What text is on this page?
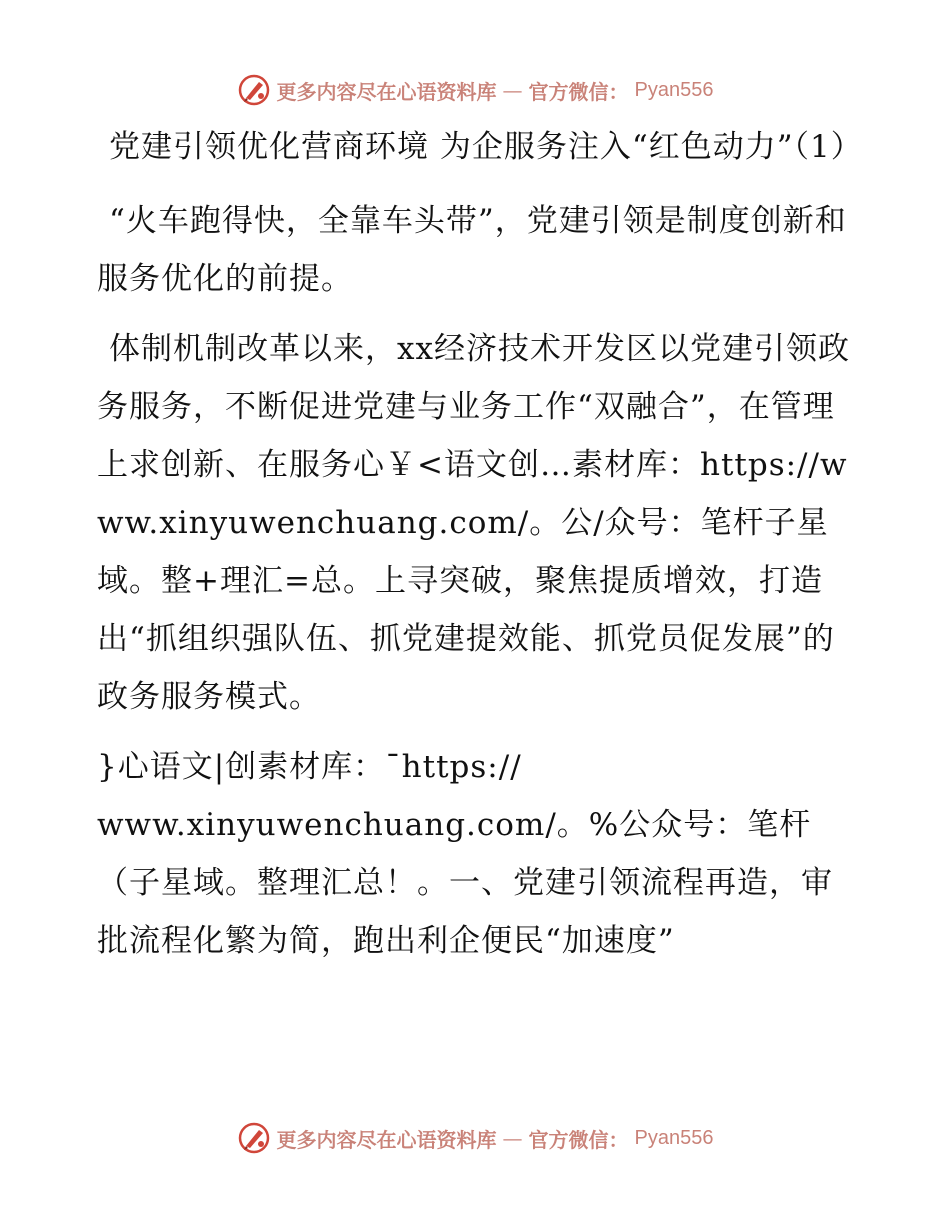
更多内容尽在心语资料库 — 官方微信： Pyan556

党建引领优化营商环境 为企服务注入“红色动力”（1）

“火车跑得快，全靠车头带”，党建引领是制度创新和服务优化的前提。

体制机制改革以来，xx经济技术开发区以党建引领政务服务，不断促进党建与业务工作“双融合”，在管理上求创新、在服务心￥<语文创…素材库：https://www.xinyuwenchuang.com/。公/众号：笔杆子星域。整+理汇=总。上寻突破，聚焦提质增效，打造出“抓组织强队伍、抓党建提效能、抓党员促发展”的政务服务模式。

}心语文|创素材库：¯https://

www.xinyuwenchuang.com/。%公众号：笔杆（子星域。整理汇总！。一、党建引领流程再造，审批流程化繁为简，跑出利企便民“加速度”

更多内容尽在心语资料库 — 官方微信： Pyan556
